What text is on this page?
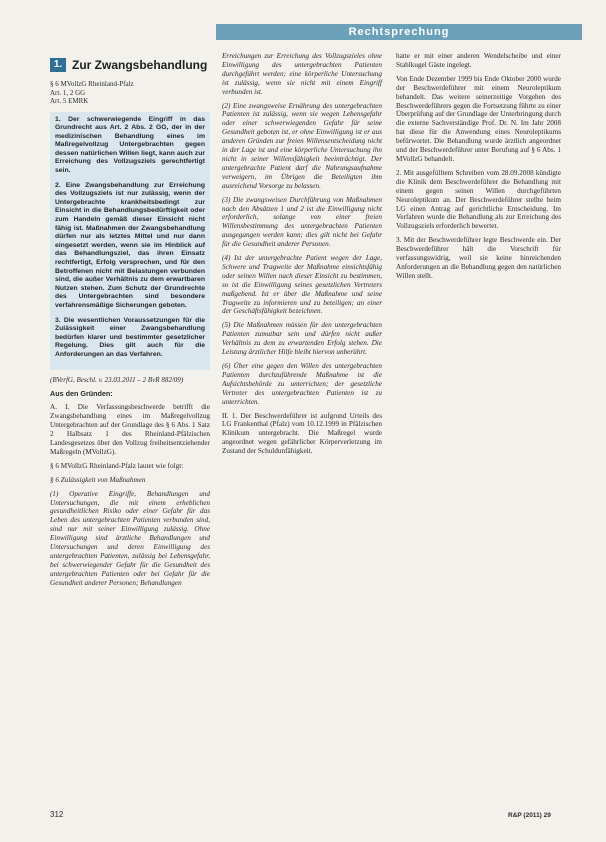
Rechtsprechung
1. Zur Zwangsbehandlung
§ 6 MVollzG Rheinland-Pfalz
Art. 1, 2 GG
Art. 5 EMRK

1. Der schwerwiegende Eingriff in das Grundrecht aus Art. 2 Abs. 2 GG, der in der medizinischen Behandlung eines im Maßregelvollzug Untergebrachten gegen dessen natürlichen Willen liegt, kann auch zur Erreichung des Vollzugsziels gerechtfertigt sein.

2. Eine Zwangsbehandlung zur Erreichung des Vollzugsziels ist nur zulässig, wenn der Untergebrachte krankheitsbedingt zur Einsicht in die Behandlungsbedürftigkeit oder zum Handeln gemäß dieser Einsicht nicht fähig ist. Maßnahmen der Zwangsbehandlung dürfen nur als letztes Mittel und nur dann eingesetzt werden, wenn sie im Hinblick auf das Behandlungsziel, das ihren Einsatz rechtfertigt, Erfolg versprechen, und für den Betroffenen nicht mit Belastungen verbunden sind, die außer Verhältnis zu dem erwartbaren Nutzen stehen. Zum Schutz der Grundrechte des Untergebrachten sind besondere verfahrensmäßige Sicherungen geboten.

3. Die wesentlichen Voraussetzungen für die Zulässigkeit einer Zwangsbehandlung bedürfen klarer und bestimmter gesetzlicher Regelung. Dies gilt auch für die Anforderungen an das Verfahren.

(BVerfG, Beschl. v. 23.03.2011 – 2 BvR 882/09)
Aus den Gründen:

A. I. Die Verfassungsbeschwerde betrifft die Zwangsbehandlung eines im Maßregelvollzug Untergebrachten auf der Grundlage des § 6 Abs. 1 Satz 2 Halbsatz 1 des Rheinland-Pfälzischen Landesgesetzes über den Vollzug freiheitsentziehender Maßregeln (MVollzG).

§ 6 MVollzG Rheinland-Pfalz lautet wie folgt:

§ 6 Zulässigkeit von Maßnahmen

(1) Operative Eingriffe, Behandlungen und Untersuchungen, die mit einem erheblichen gesundheitlichen Risiko oder einer Gefahr für das Leben des untergebrachten Patienten verbunden sind, sind nur mit seiner Einwilligung zulässig. Ohne Einwilligung sind ärztliche Behandlungen und Untersuchungen und deren Einwilligung des untergebrachten Patienten, zulässig bei Lebensgefahr, bei schwerwiegender Gefahr für die Gesundheit des untergebrachten Patienten oder bei Gefahr für die Gesundheit anderer Personen; Behandlungen

Erreichungen zur Erreichung des Vollzugszieles ohne Einwilligung des untergebrachten Patienten durchgeführt werden; eine körperliche Untersuchung ist zulässig, wenn sie nicht mit einem Eingriff verbunden ist.

(2) Eine zwangsweise Ernährung des untergebrachten Patienten ist zulässig, wenn sie wegen Lebensgefahr oder einer schwerwiegenden Gefahr für seine Gesundheit geboten ist, er ohne Einwilligung ist er aus anderen Gründen zur freien Willensentscheidung nicht in der Lage ist und eine körperliche Untersuchung ihn nicht in seiner Willensfähigkeit beeinträchtigt. Der untergebrachte Patient darf die Nahrungsaufnahme verweigern, im Übrigen die Beteiligten ihm ausreichend Vorsorge zu belassen.

(3) Die zwangsweisen Durchführung von Maßnahmen nach den Absätzen 1 und 2 ist die Einwilligung nicht erforderlich, solange von einer freien Willensbestimmung des untergebrachten Patienten ausgegangen werden kann; dies gilt nicht bei Gefahr für die Gesundheit anderer Personen.

(4) Ist der untergebrachte Patient wegen der Lage, Schwere und Tragweite der Maßnahme einsichtsfähig oder seinen Willen nach dieser Einsicht zu bestimmen, so ist die Einwilligung seines gesetzlichen Vertreters maßgebend. Ist er über die Maßnahme und seine Tragweite zu informieren und zu beteiligen; an einer der Geschäftsfähigkeit bezeichnen.

(5) Die Maßnahmen müssen für den untergebrachten Patienten zumutbar sein und dürfen nicht außer Verhältnis zu dem zu erwartenden Erfolg stehen. Die Leistung ärztlicher Hilfe bleibt hiervon unberührt.

(6) Über eine gegen den Willen des untergebrachten Patienten durchzuführende Maßnahme ist die Aufsichtsbehörde zu unterrichten; der gesetzliche Vertreter des untergebrachten Patienten ist zu unterrichten.

II. 1. Der Beschwerdeführer ist aufgrund Urteils des LG Frankenthal (Pfalz) vom 10.12.1999 in Pfälzischen Klinikum untergebracht. Die Maßregel wurde angeordnet wegen gefährlicher Körperverletzung im Zustand der Schuldunfähigkeit.

hatte er mit einer anderen Wendelscheibe und einer Stahlkugel Gäste ingelegt.

Von Ende Dezember 1999 bis Ende Oktober 2000 wurde der Beschwerdeführer mit einem Neuroleptikum behandelt. Das weitere seinerzeitige Vorgehen des Beschwerdeführers gegen die Fortsetzung führte zu einer Überprüfung auf der Grundlage der Unterbringung durch die externe Sachverständige Prof. Dr. N. Im Jahr 2008 hat diese für die Anwendung eines Neuroleptikums befürwortet. Die Behandlung wurde ärztlich angeordnet und der Beschwerdeführer unter Berufung auf § 6 Abs. 1 MVollzG behandelt.

2. Mit ausgefülltem Schreiben vom 28.09.2008 kündigte die Klinik dem Beschwerdeführer die Behandlung mit einem gegen seinen Willen durchgeführten Neuroleptikum an. Der Beschwerdeführer stellte beim LG einen Antrag auf gerichtliche Entscheidung. Im Verfahren wurde die Behandlung als zur Erreichung des Vollzugsziels erforderlich bewertet.

3. Mit der Beschwerdeführer legte Beschwerde ein. Der Beschwerdeführer hält die Vorschrift für verfassungswidrig, weil sie keine hinreichenden Anforderungen an die Behandlung gegen den natürlichen Willen stellt.

312	R&P (2011) 29
